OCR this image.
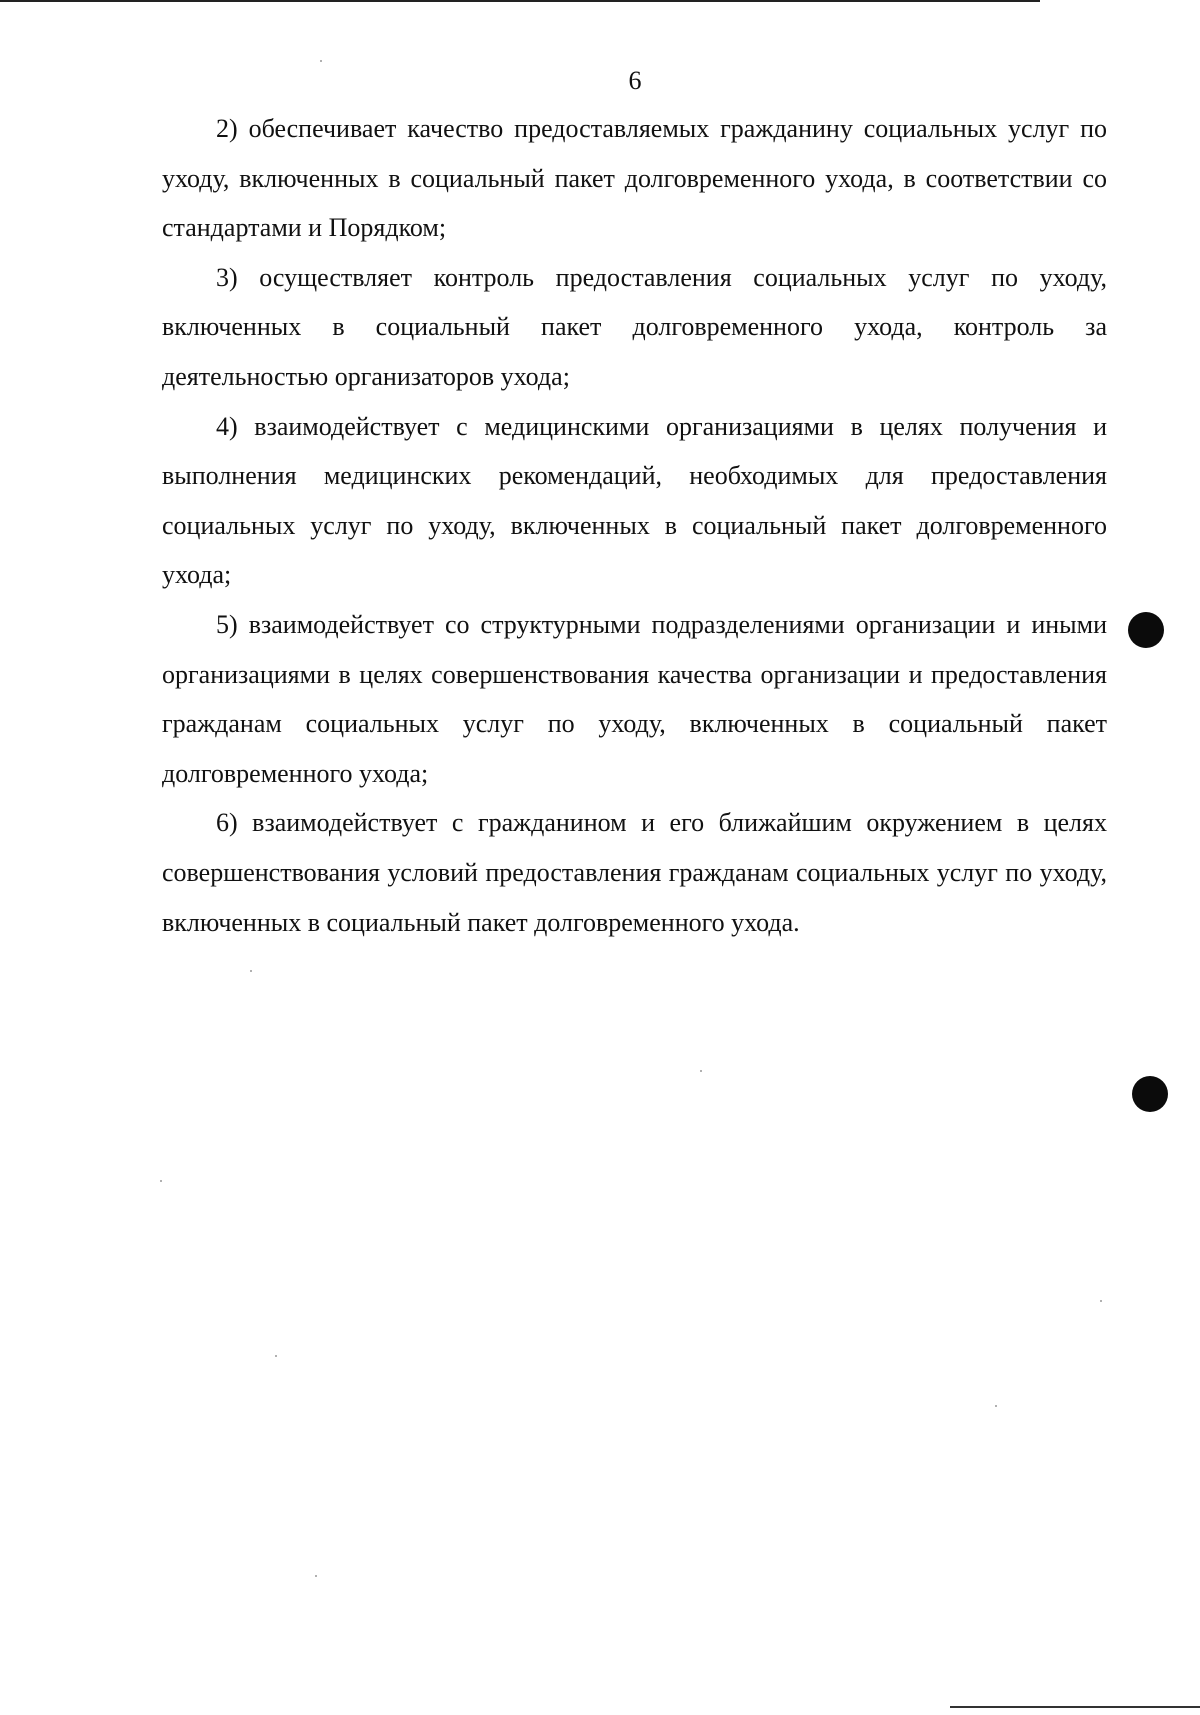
6

2) обеспечивает качество предоставляемых гражданину социальных услуг по уходу, включенных в социальный пакет долговременного ухода, в соответствии со стандартами и Порядком;

3) осуществляет контроль предоставления социальных услуг по уходу, включенных в социальный пакет долговременного ухода, контроль за деятельностью организаторов ухода;

4) взаимодействует с медицинскими организациями в целях получения и выполнения медицинских рекомендаций, необходимых для предоставления социальных услуг по уходу, включенных в социальный пакет долговременного ухода;

5) взаимодействует со структурными подразделениями организации и иными организациями в целях совершенствования качества организации и предоставления гражданам социальных услуг по уходу, включенных в социальный пакет долговременного ухода;

6) взаимодействует с гражданином и его ближайшим окружением в целях совершенствования условий предоставления гражданам социальных услуг по уходу, включенных в социальный пакет долговременного ухода.
